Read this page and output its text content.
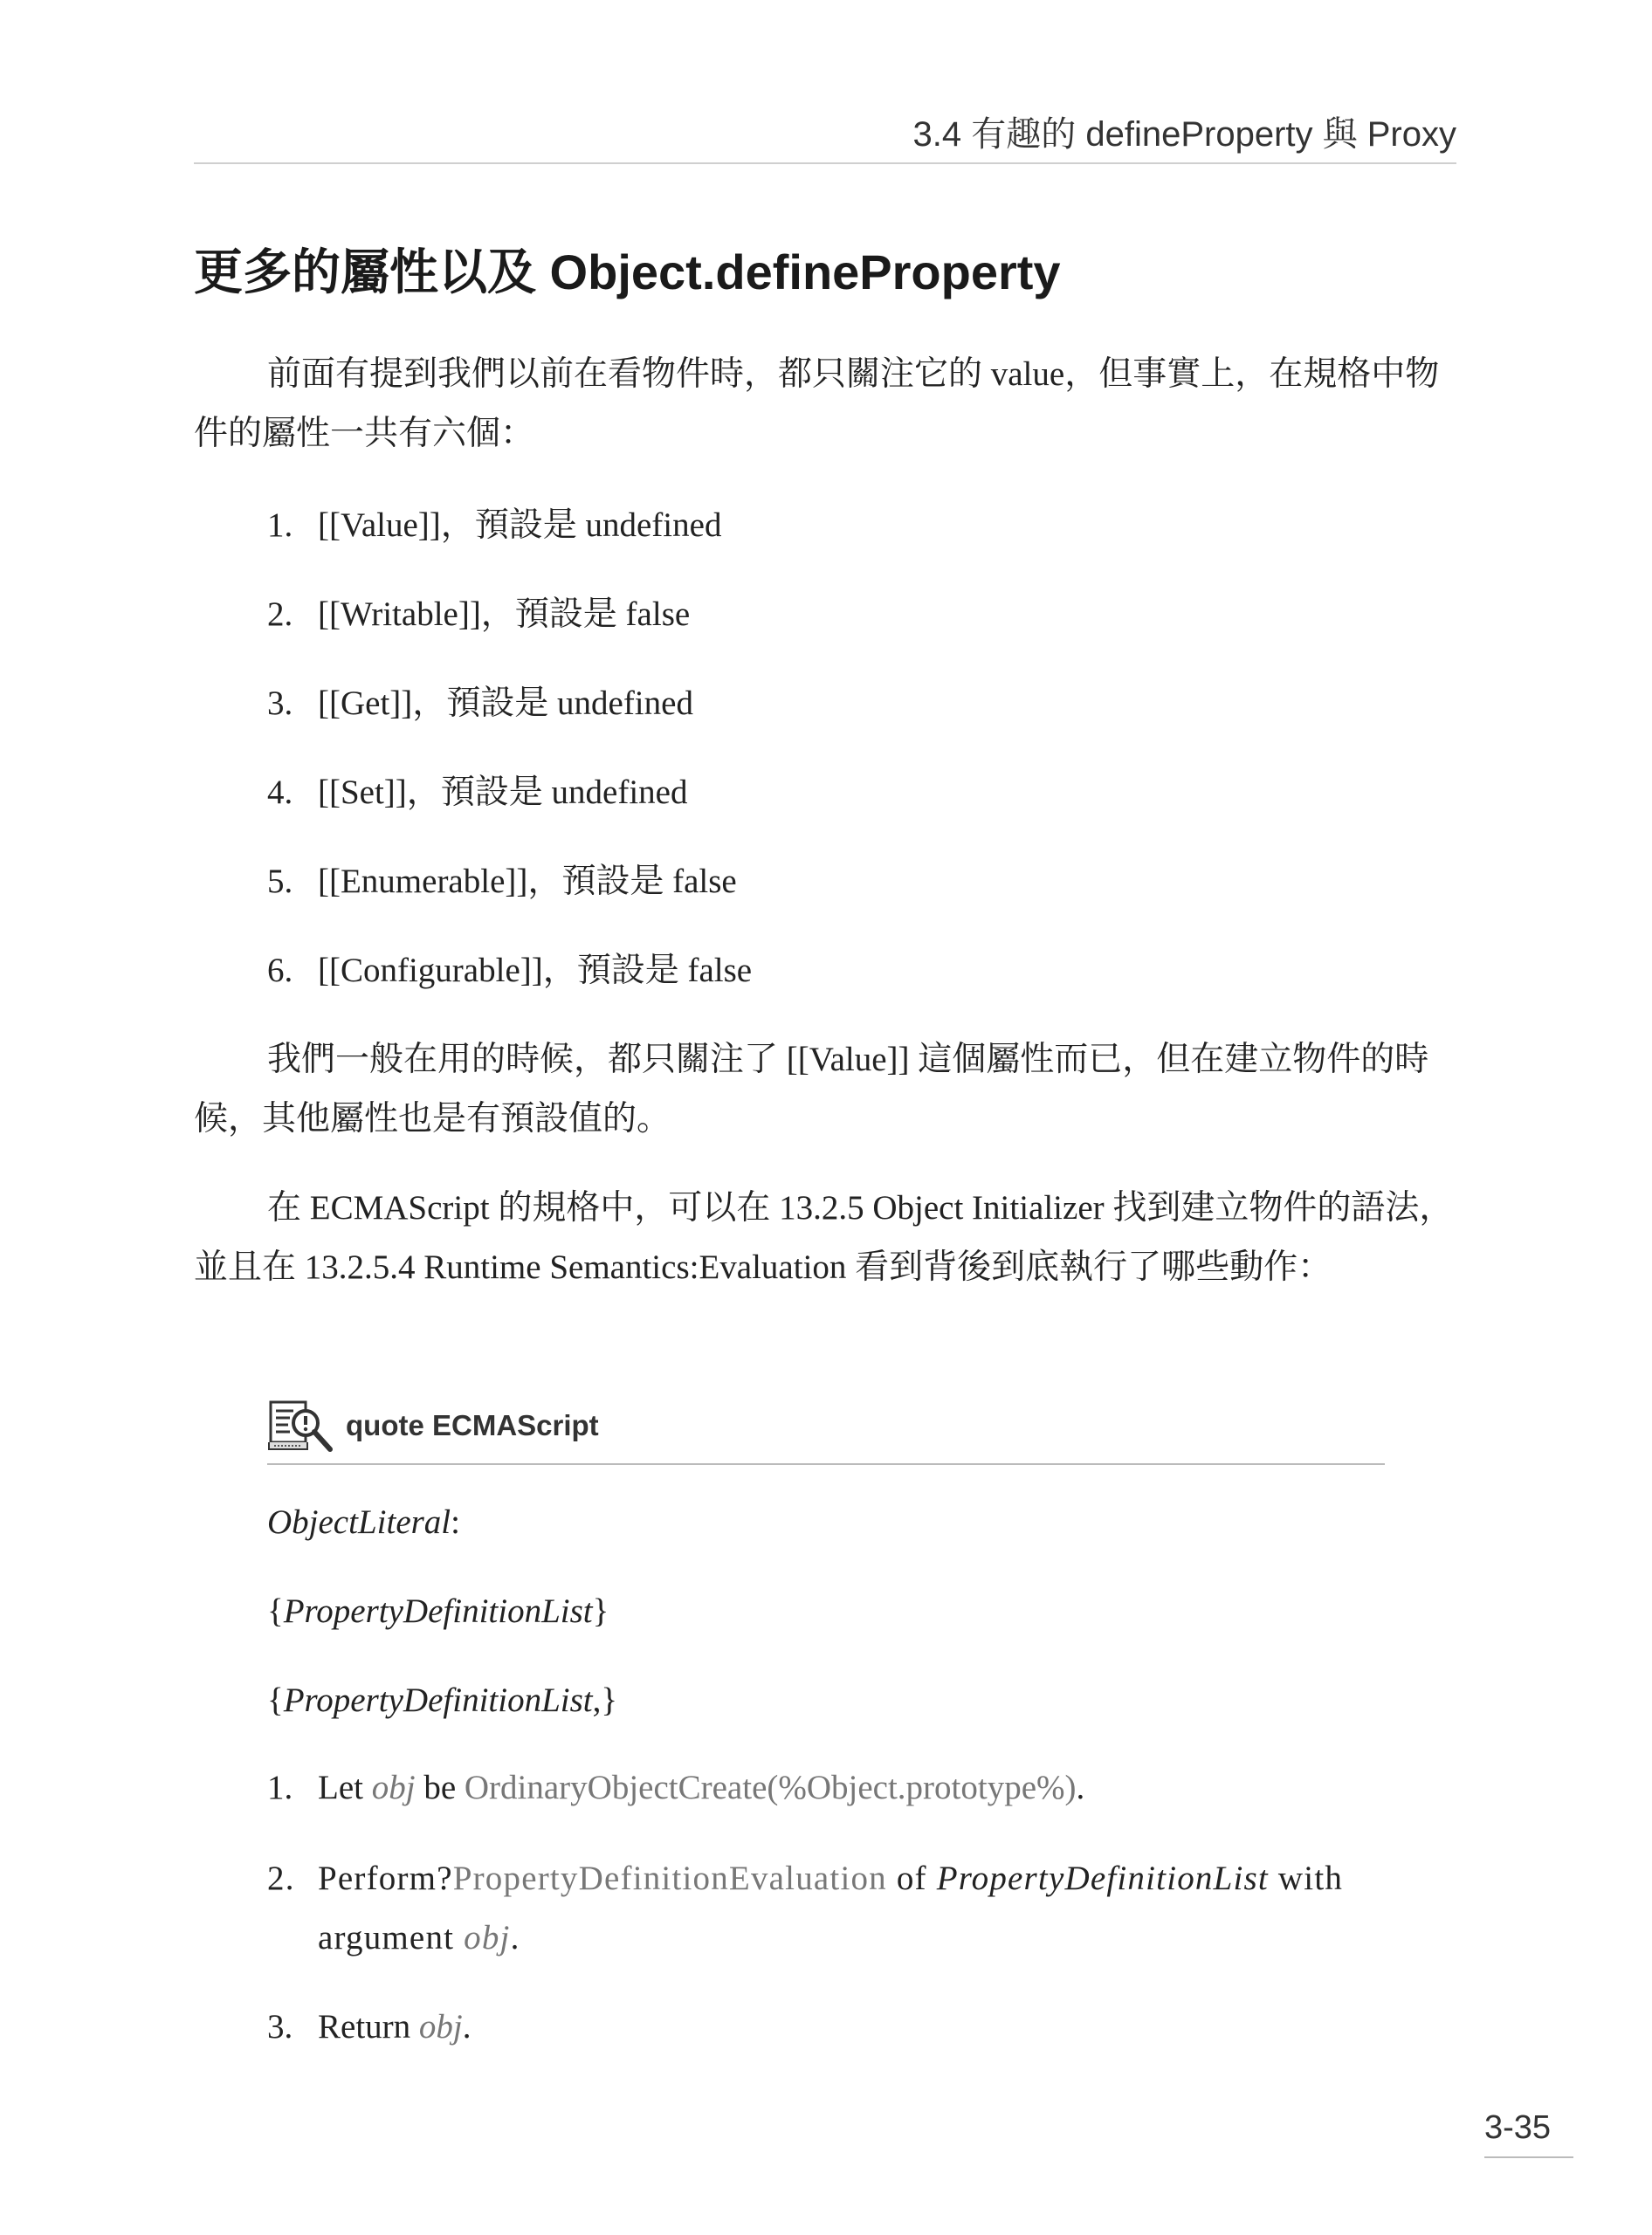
3.4 有趣的 defineProperty 與 Proxy
更多的屬性以及 Object.defineProperty

前面有提到我們以前在看物件時，都只關注它的 value，但事實上，在規格中物件的屬性一共有六個：

1. [[Value]]，預設是 undefined
2. [[Writable]]，預設是 false
3. [[Get]]，預設是 undefined
4. [[Set]]，預設是 undefined
5. [[Enumerable]]，預設是 false
6. [[Configurable]]，預設是 false

我們一般在用的時候，都只關注了 [[Value]] 這個屬性而已，但在建立物件的時候，其他屬性也是有預設值的。

在 ECMAScript 的規格中，可以在 13.2.5 Object Initializer 找到建立物件的語法，並且在 13.2.5.4 Runtime Semantics:Evaluation 看到背後到底執行了哪些動作：

quote ECMAScript
ObjectLiteral:
{PropertyDefinitionList}
{PropertyDefinitionList,}
1. Let obj be OrdinaryObjectCreate(%Object.prototype%).
2. Perform?PropertyDefinitionEvaluation of PropertyDefinitionList with argument obj.
3. Return obj.
3-35
